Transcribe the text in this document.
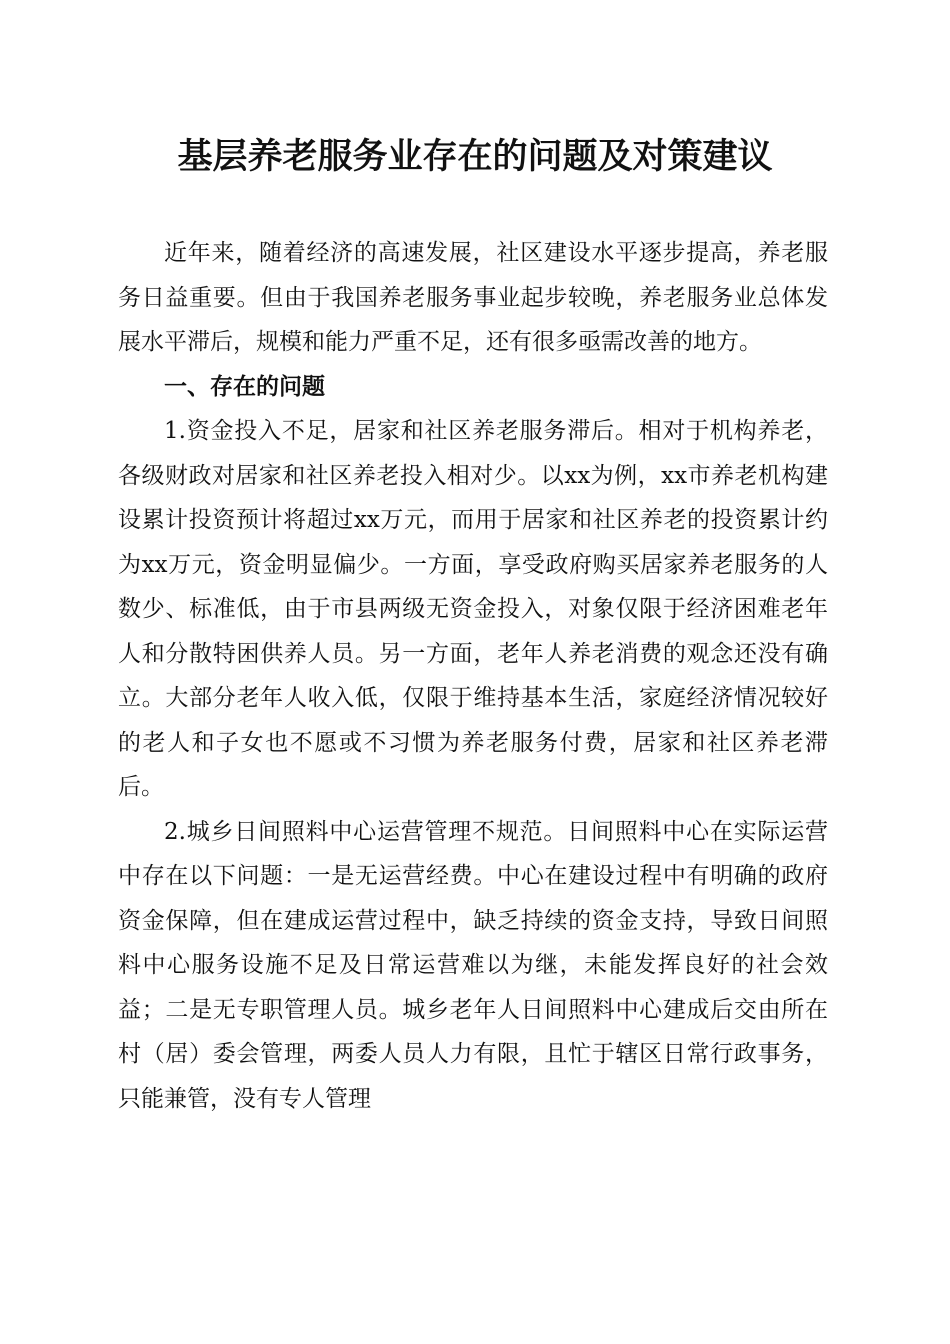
基层养老服务业存在的问题及对策建议

近年来，随着经济的高速发展，社区建设水平逐步提高，养老服务日益重要。但由于我国养老服务事业起步较晚，养老服务业总体发展水平滞后，规模和能力严重不足，还有很多亟需改善的地方。

一、存在的问题

1.资金投入不足，居家和社区养老服务滞后。相对于机构养老，各级财政对居家和社区养老投入相对少。以xx为例，xx市养老机构建设累计投资预计将超过xx万元，而用于居家和社区养老的投资累计约为xx万元，资金明显偏少。一方面，享受政府购买居家养老服务的人数少、标准低，由于市县两级无资金投入，对象仅限于经济困难老年人和分散特困供养人员。另一方面，老年人养老消费的观念还没有确立。大部分老年人收入低，仅限于维持基本生活，家庭经济情况较好的老人和子女也不愿或不习惯为养老服务付费，居家和社区养老滞后。

2.城乡日间照料中心运营管理不规范。日间照料中心在实际运营中存在以下问题：一是无运营经费。中心在建设过程中有明确的政府资金保障，但在建成运营过程中，缺乏持续的资金支持，导致日间照料中心服务设施不足及日常运营难以为继，未能发挥良好的社会效益；二是无专职管理人员。城乡老年人日间照料中心建成后交由所在村（居）委会管理，两委人员人力有限，且忙于辖区日常行政事务，只能兼管，没有专人管理
